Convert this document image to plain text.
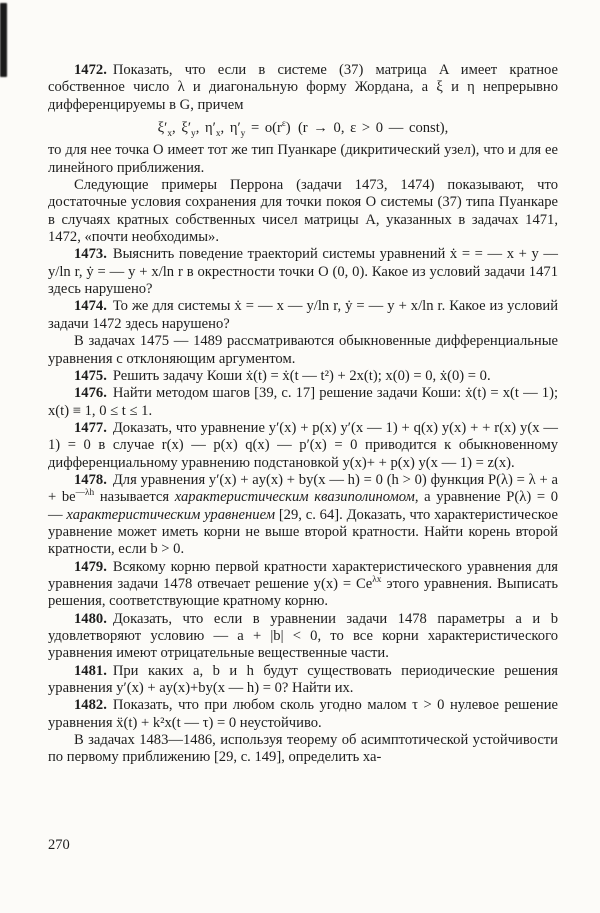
1472. Показать, что если в системе (37) матрица A имеет кратное собственное число λ и диагональную форму Жордана, а ξ и η непрерывно дифференцируемы в G, причем

$\xi'_x$, $\xi'_y$, $\eta'_x$, $\eta'_y = o(r^\varepsilon)$ (r → 0, ε > 0 — const),

то для нее точка O имеет тот же тип Пуанкаре (дикритический узел), что и для ее линейного приближения.

Следующие примеры Перрона (задачи 1473, 1474) показывают, что достаточные условия сохранения для точки покоя O системы (37) типа Пуанкаре в случаях кратных собственных чисел матрицы A, указанных в задачах 1471, 1472, «почти необходимы».

1473. Выяснить поведение траекторий системы уравнений ẋ = = — x + y — y/ln r, ẏ = — y + x/ln r в окрестности точки O (0, 0). Какое из условий задачи 1471 здесь нарушено?

1474. То же для системы ẋ = — x — y/ln r, ẏ = — y + x/ln r. Какое из условий задачи 1472 здесь нарушено?

В задачах 1475 — 1489 рассматриваются обыкновенные дифференциальные уравнения с отклоняющим аргументом.

1475. Решить задачу Коши ẋ(t) = ẋ(t — t²) + 2x(t); x(0) = 0, ẋ(0) = 0.

1476. Найти методом шагов [39, с. 17] решение задачи Коши: ẋ(t) = x(t — 1); x(t) ≡ 1, 0 ≤ t ≤ 1.

1477. Доказать, что уравнение y′(x) + p(x) y′(x — 1) + q(x) y(x) + + r(x) y(x — 1) = 0 в случае r(x) — p(x) q(x) — p′(x) = 0 приводится к обыкновенному дифференциальному уравнению подстановкой y(x)+ + p(x) y(x — 1) = z(x).

1478. Для уравнения y′(x) + ay(x) + by(x — h) = 0 (h > 0) функция $P(\lambda) = \lambda + a + be^{—\lambda h}$ называется характеристическим квазиполиномом, а уравнение P(λ) = 0 — характеристическим уравнением [29, с. 64]. Доказать, что характеристическое уравнение может иметь корни не выше второй кратности. Найти корень второй кратности, если b > 0.

1479. Всякому корню первой кратности характеристического уравнения для уравнения задачи 1478 отвечает решение $y(x) = Ce^{\lambda x}$ этого уравнения. Выписать решения, соответствующие кратному корню.

1480. Доказать, что если в уравнении задачи 1478 параметры a и b удовлетворяют условию — a + |b| < 0, то все корни характеристического уравнения имеют отрицательные вещественные части.

1481. При каких a, b и h будут существовать периодические решения уравнения y′(x) + ay(x)+by(x — h) = 0? Найти их.

1482. Показать, что при любом сколь угодно малом τ > 0 нулевое решение уравнения ẍ(t) + k²x(t — τ) = 0 неустойчиво.

В задачах 1483—1486, используя теорему об асимптотической устойчивости по первому приближению [29, с. 149], определить ха-

270
